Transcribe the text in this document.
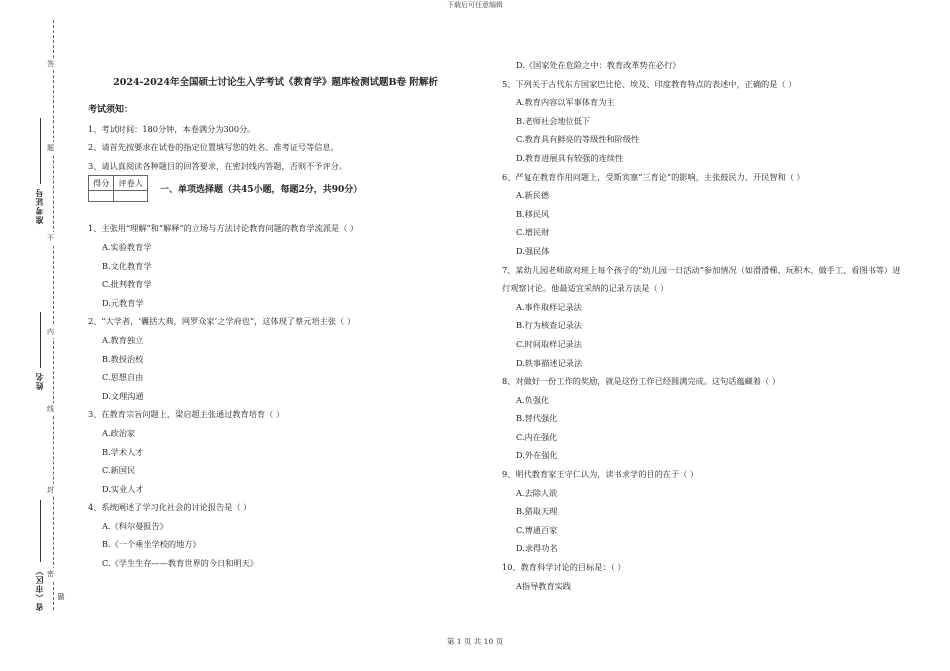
下载后可任意编辑
答
题
不
内
线
封
密
准考证号
姓名
省（市区） 题
2024-2024年全国硕士讨论生入学考试《教育学》题库检测试题B卷 附解析
考试须知：
1、考试时间：180分钟，本卷满分为300分。
2、请首先按要求在试卷的指定位置填写您的姓名、准考证号等信息。
3、请认真阅读各种题目的回答要求，在密封线内答题，否则不予评分。
得分	评卷人

一、单项选择题（共45小题，每题2分，共90分）
1、主张用“理解”和“解释”的立场与方法讨论教育问题的教育学流派是（ ）
A.实验教育学
B.文化教育学
C.批判教育学
D.元教育学
2、“大学者，‘囊括大典，网罗众家’之学府也”，这体现了蔡元培主张（ ）
A.教育独立
B.教授治校
C.思想自由
D.文理沟通
3、在教育宗旨问题上，梁启超主张通过教育培育（ ）
A.政治家
B.学术人才
C.新国民
D.实业人才
4、系统阐述了学习化社会的讨论报告是（ ）
A.《科尔曼报告》
B.《一个乘坐学校的地方》
C.《学生生存——教育世界的今日和明天》
D.《国家处在危险之中：教育改革势在必行》
5、下列关于古代东方国家巴比伦、埃及、印度教育特点的表述中，正确的是（ ）
A.教育内容以军事体育为主
B.老师社会地位低下
C.教育具有鲜亮的等级性和阶级性
D.教育进展具有较强的连续性
6、严复在教育作用问题上，受斯宾塞“三育论”的影响，主张鼓民力、开民智和（ ）
A.新民德
B.移民风
C.增民财
D.强民体
7、某幼儿园老师欲对班上每个孩子的“幼儿园一日活动”参加情况（如滑滑梯、玩积木、做手工、看图书等）进行观察讨论。他最适宜采纳的记录方法是（ ）
A.事件取样记录法
B.行为核查记录法
C.时间取样记录法
D.轶事描述记录法
8、对做好一份工作的奖励，就是这份工作已经圆满完成。这句话蕴藏着（ ）
A.负强化
B.替代强化
C.内在强化
D.外在强化
9、明代教育家王守仁认为，读书求学的目的在于（ ）
A.去除人欲
B.猎取天理
C.博通百家
D.求得功名
10、教育科学讨论的目标是：（ ）
A指导教育实践
第 1 页 共 10 页
